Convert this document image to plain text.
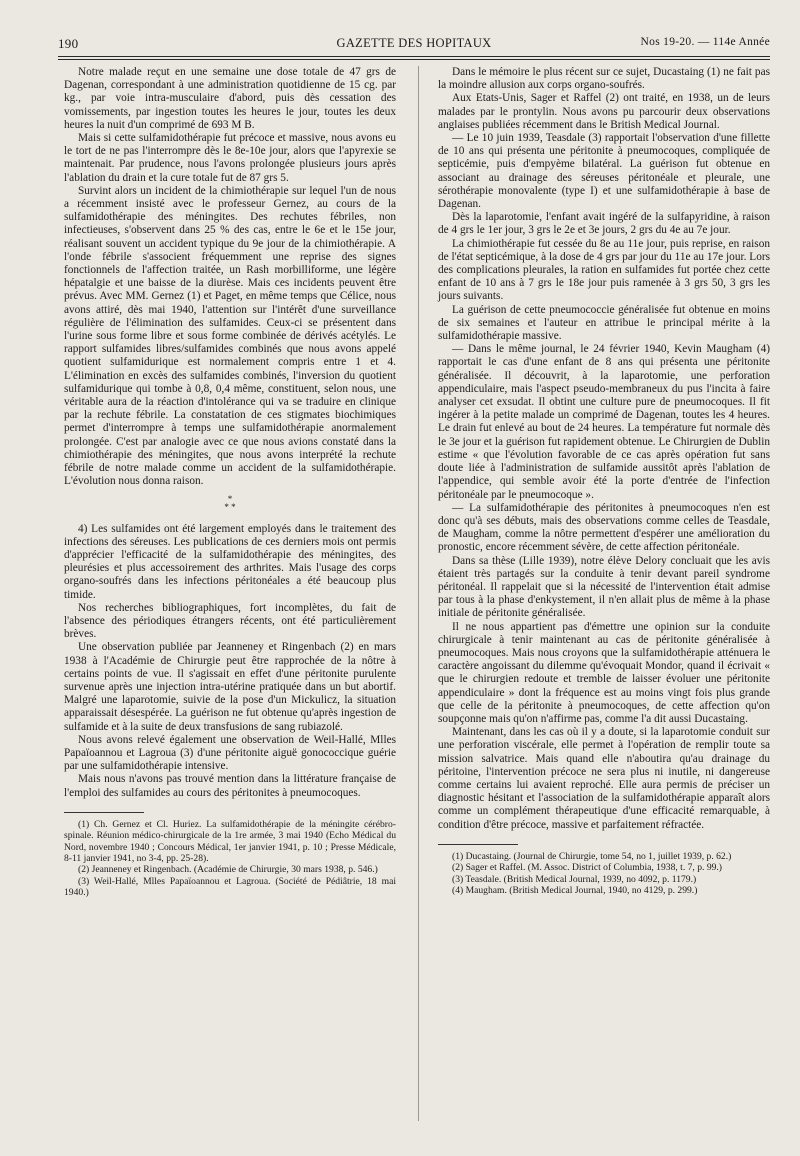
190	GAZETTE DES HOPITAUX	Nos 19-20. — 114e Année

Notre malade reçut en une semaine une dose totale de 47 grs de Dagenan, correspondant à une administration quotidienne de 15 cg. par kg., par voie intra-musculaire d'abord, puis dès cessation des vomissements, par ingestion toutes les heures le jour, toutes les deux heures la nuit d'un comprimé de 693 M B.

Mais si cette sulfamidothérapie fut précoce et massive, nous avons eu le tort de ne pas l'interrompre dès le 8e-10e jour, alors que l'apyrexie se maintenait. Par prudence, nous l'avons prolongée plusieurs jours après l'ablation du drain et la cure totale fut de 87 grs 5.

Survint alors un incident de la chimiothérapie sur lequel l'un de nous a récemment insisté avec le professeur Gernez, au cours de la sulfamidothérapie des méningites. Des rechutes fébriles, non infectieuses, s'observent dans 25 % des cas, entre le 6e et le 15e jour, réalisant souvent un accident typique du 9e jour de la chimiothérapie. A l'onde fébrile s'associent fréquemment une reprise des signes fonctionnels de l'affection traitée, un Rash morbilliforme, une légère hépatalgie et une baisse de la diurèse. Mais ces incidents peuvent être prévus. Avec MM. Gernez (1) et Paget, en même temps que Célice, nous avons attiré, dès mai 1940, l'attention sur l'intérêt d'une surveillance régulière de l'élimination des sulfamides. Ceux-ci se présentent dans l'urine sous forme libre et sous forme combinée de dérivés acétylés. Le rapport sulfamides libres/sulfamides combinés que nous avons appelé quotient sulfamidurique est normalement compris entre 1 et 4. L'élimination en excès des sulfamides combinés, l'inversion du quotient sulfamidurique qui tombe à 0,8, 0,4 même, constituent, selon nous, une véritable aura de la réaction d'intolérance qui va se traduire en clinique par la rechute fébrile. La constatation de ces stigmates biochimiques permet d'interrompre à temps une sulfamidothérapie anormalement prolongée. C'est par analogie avec ce que nous avions constaté dans la chimiothérapie des méningites, que nous avons interprété la rechute fébrile de notre malade comme un accident de la sulfamidothérapie. L'évolution nous donna raison.

*
* *

4) Les sulfamides ont été largement employés dans le traitement des infections des séreuses. Les publications de ces derniers mois ont permis d'apprécier l'efficacité de la sulfamidothérapie des méningites, des pleurésies et plus accessoirement des arthrites. Mais l'usage des corps organo-soufrés dans les infections péritonéales a été beaucoup plus timide.

Nos recherches bibliographiques, fort incomplètes, du fait de l'absence des périodiques étrangers récents, ont été particulièrement brèves.

Une observation publiée par Jeanneney et Ringenbach (2) en mars 1938 à l'Académie de Chirurgie peut être rapprochée de la nôtre à certains points de vue. Il s'agissait en effet d'une péritonite purulente survenue après une injection intra-utérine pratiquée dans un but abortif. Malgré une laparotomie, suivie de la pose d'un Mickulicz, la situation apparaissait désespérée. La guérison ne fut obtenue qu'après ingestion de sulfamide et à la suite de deux transfusions de sang rubiazolé.

Nous avons relevé également une observation de Weil-Hallé, Mlles Papaïoannou et Lagroua (3) d'une péritonite aiguë gonococcique guérie par une sulfamidothérapie intensive.

Mais nous n'avons pas trouvé mention dans la littérature française de l'emploi des sulfamides au cours des péritonites à pneumocoques.

(1) Ch. Gernez et Cl. Huriez. La sulfamidothérapie de la méningite cérébro-spinale. Réunion médico-chirurgicale de la 1re armée, 3 mai 1940 (Echo Médical du Nord, novembre 1940 ; Concours Médical, 1er janvier 1941, p. 10 ; Presse Médicale, 8-11 janvier 1941, no 3-4, pp. 25-28).

(2) Jeanneney et Ringenbach. (Académie de Chirurgie, 30 mars 1938, p. 546.)

(3) Weil-Hallé, Mlles Papaïoannou et Lagroua. (Société de Pédiâtrie, 18 mai 1940.)

Dans le mémoire le plus récent sur ce sujet, Ducastaing (1) ne fait pas la moindre allusion aux corps organo-soufrés.

Aux Etats-Unis, Sager et Raffel (2) ont traité, en 1938, un de leurs malades par le prontylin. Nous avons pu parcourir deux observations anglaises publiées récemment dans le British Medical Journal.

— Le 10 juin 1939, Teasdale (3) rapportait l'observation d'une fillette de 10 ans qui présenta une péritonite à pneumocoques, compliquée de septicémie, puis d'empyème bilatéral. La guérison fut obtenue en associant au drainage des séreuses péritonéale et pleurale, une sérothérapie monovalente (type I) et une sulfamidothérapie à base de Dagenan.

Dès la laparotomie, l'enfant avait ingéré de la sulfapyridine, à raison de 4 grs le 1er jour, 3 grs le 2e et 3e jours, 2 grs du 4e au 7e jour.

La chimiothérapie fut cessée du 8e au 11e jour, puis reprise, en raison de l'état septicémique, à la dose de 4 grs par jour du 11e au 17e jour. Lors des complications pleurales, la ration en sulfamides fut portée chez cette enfant de 10 ans à 7 grs le 18e jour puis ramenée à 3 grs 50, 3 grs les jours suivants.

La guérison de cette pneumococcie généralisée fut obtenue en moins de six semaines et l'auteur en attribue le principal mérite à la sulfamidothérapie massive.

— Dans le même journal, le 24 février 1940, Kevin Maugham (4) rapportait le cas d'une enfant de 8 ans qui présenta une péritonite généralisée. Il découvrit, à la laparotomie, une perforation appendiculaire, mais l'aspect pseudo-membraneux du pus l'incita à faire analyser cet exsudat. Il obtint une culture pure de pneumocoques. Il fit ingérer à la petite malade un comprimé de Dagenan, toutes les 4 heures. Le drain fut enlevé au bout de 24 heures. La température fut normale dès le 3e jour et la guérison fut rapidement obtenue. Le Chirurgien de Dublin estime « que l'évolution favorable de ce cas après opération fut sans doute liée à l'administration de sulfamide aussitôt après l'ablation de l'appendice, qui semble avoir été la porte d'entrée de l'infection péritonéale par le pneumocoque ».

— La sulfamidothérapie des péritonites à pneumocoques n'en est donc qu'à ses débuts, mais des observations comme celles de Teasdale, de Maugham, comme la nôtre permettent d'espérer une amélioration du pronostic, encore récemment sévère, de cette affection péritonéale.

Dans sa thèse (Lille 1939), notre élève Delory concluait que les avis étaient très partagés sur la conduite à tenir devant pareil syndrome péritonéal. Il rappelait que si la nécessité de l'intervention était admise par tous à la phase d'enkystement, il n'en allait plus de même à la phase initiale de péritonite généralisée.

Il ne nous appartient pas d'émettre une opinion sur la conduite chirurgicale à tenir maintenant au cas de péritonite généralisée à pneumocoques. Mais nous croyons que la sulfamidothérapie atténuera le caractère angoissant du dilemme qu'évoquait Mondor, quand il écrivait « que le chirurgien redoute et tremble de laisser évoluer une péritonite appendiculaire » dont la fréquence est au moins vingt fois plus grande que celle de la péritonite à pneumocoques, de cette affection qu'on soupçonne mais qu'on n'affirme pas, comme l'a dit aussi Ducastaing.

Maintenant, dans les cas où il y a doute, si la laparotomie conduit sur une perforation viscérale, elle permet à l'opération de remplir toute sa mission salvatrice. Mais quand elle n'aboutira qu'au drainage du péritoine, l'intervention précoce ne sera plus ni inutile, ni dangereuse comme certains lui avaient reproché. Elle aura permis de préciser un diagnostic hésitant et l'association de la sulfamidothérapie apparaît alors comme un complément thérapeutique d'une efficacité remarquable, à condition d'être précoce, massive et parfaitement réfractée.

(1) Ducastaing. (Journal de Chirurgie, tome 54, no 1, juillet 1939, p. 62.)

(2) Sager et Raffel. (M. Assoc. District of Columbia, 1938, t. 7, p. 99.)

(3) Teasdale. (British Medical Journal, 1939, no 4092, p. 1179.)

(4) Maugham. (British Medical Journal, 1940, no 4129, p. 299.)
